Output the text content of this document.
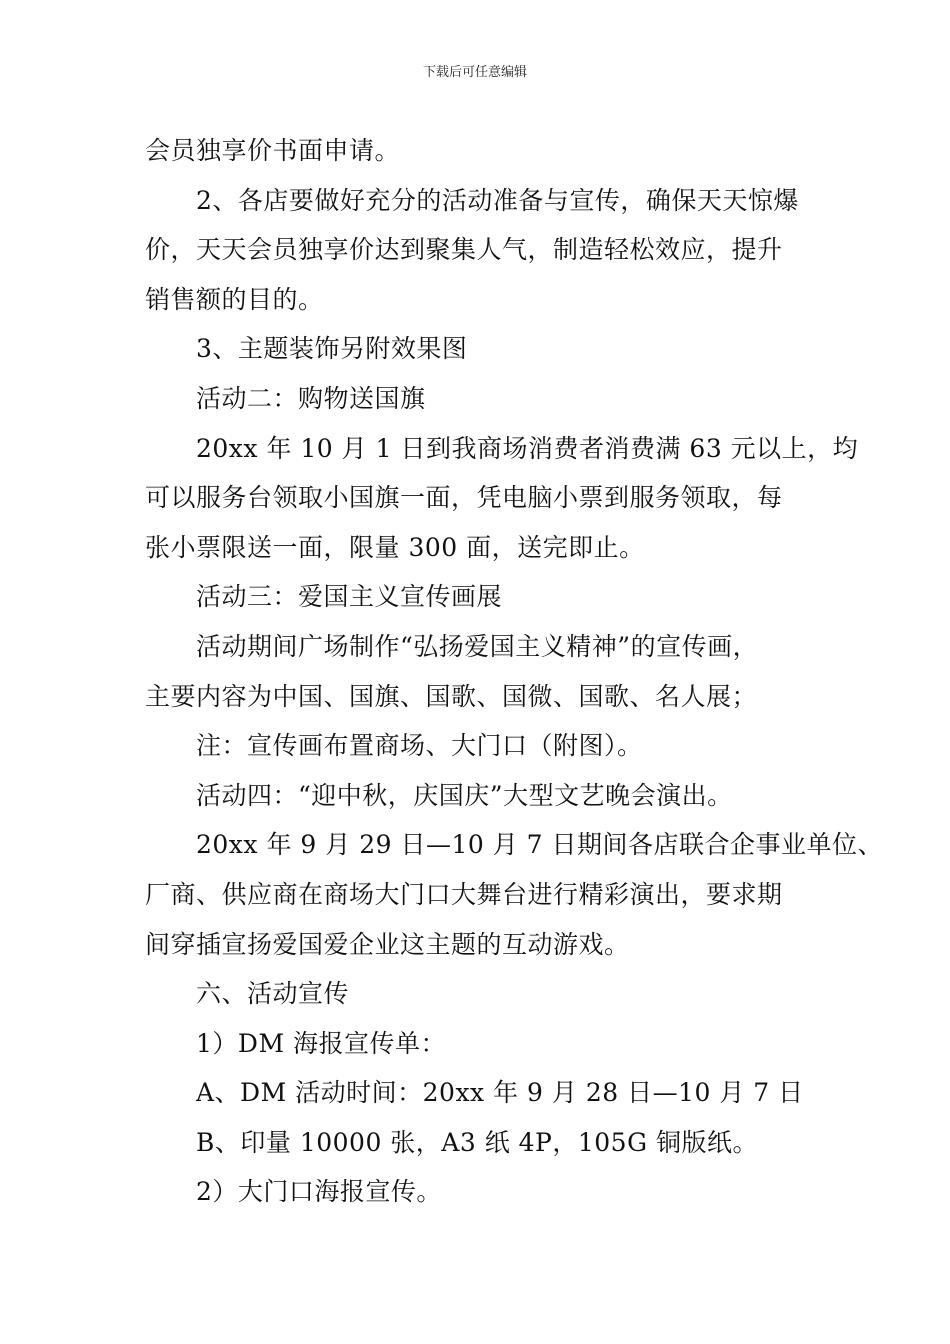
下载后可任意编辑
会员独享价书面申请。
2、各店要做好充分的活动准备与宣传，确保天天惊爆
价，天天会员独享价达到聚集人气，制造轻松效应，提升
销售额的目的。
3、主题装饰另附效果图
活动二：购物送国旗
20xx 年 10 月 1 日到我商场消费者消费满 63 元以上，均
可以服务台领取小国旗一面，凭电脑小票到服务领取，每
张小票限送一面，限量 300 面，送完即止。
活动三：爱国主义宣传画展
活动期间广场制作“弘扬爱国主义精神”的宣传画，
主要内容为中国、国旗、国歌、国微、国歌、名人展；
注：宣传画布置商场、大门口（附图）。
活动四：“迎中秋，庆国庆”大型文艺晚会演出。
20xx 年 9 月 29 日—10 月 7 日期间各店联合企事业单位、
厂商、供应商在商场大门口大舞台进行精彩演出，要求期
间穿插宣扬爱国爱企业这主题的互动游戏。
六、活动宣传
1）DM 海报宣传单：
A、DM 活动时间：20xx 年 9 月 28 日—10 月 7 日
B、印量 10000 张，A3 纸 4P，105G 铜版纸。
2）大门口海报宣传。
